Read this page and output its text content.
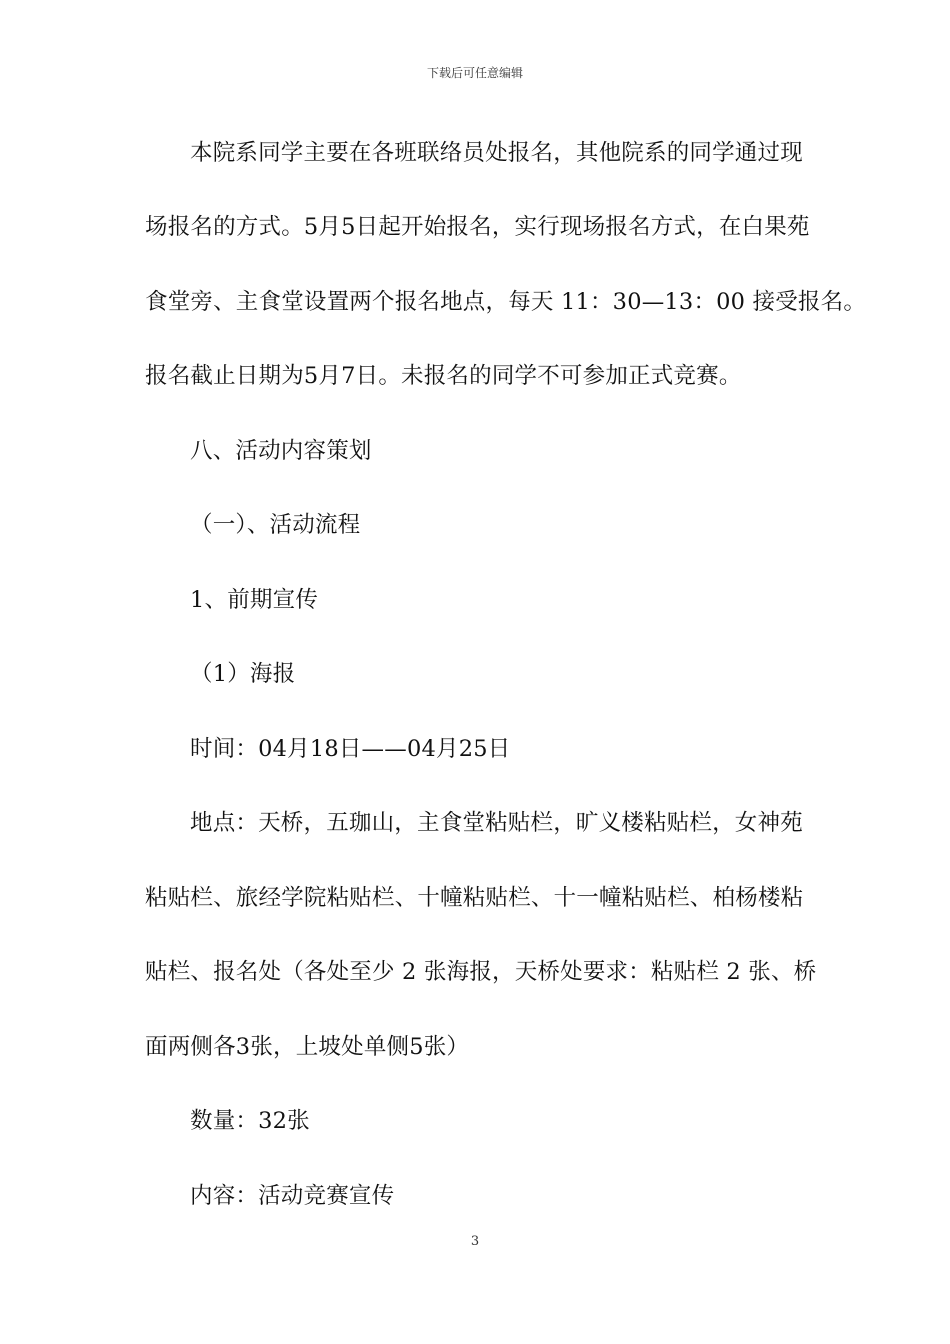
下载后可任意编辑
本院系同学主要在各班联络员处报名，其他院系的同学通过现
场报名的方式。5月5日起开始报名，实行现场报名方式，在白果苑
食堂旁、主食堂设置两个报名地点，每天 11：30—13：00 接受报名。
报名截止日期为5月7日。未报名的同学不可参加正式竞赛。
八、活动内容策划
（一）、活动流程
1、前期宣传
（1）海报
时间：04月18日——04月25日
地点：天桥，五珈山，主食堂粘贴栏，旷义楼粘贴栏，女神苑
粘贴栏、旅经学院粘贴栏、十幢粘贴栏、十一幢粘贴栏、柏杨楼粘
贴栏、报名处（各处至少 2 张海报，天桥处要求：粘贴栏 2 张、桥
面两侧各3张，上坡处单侧5张）
数量：32张
内容：活动竞赛宣传
3
